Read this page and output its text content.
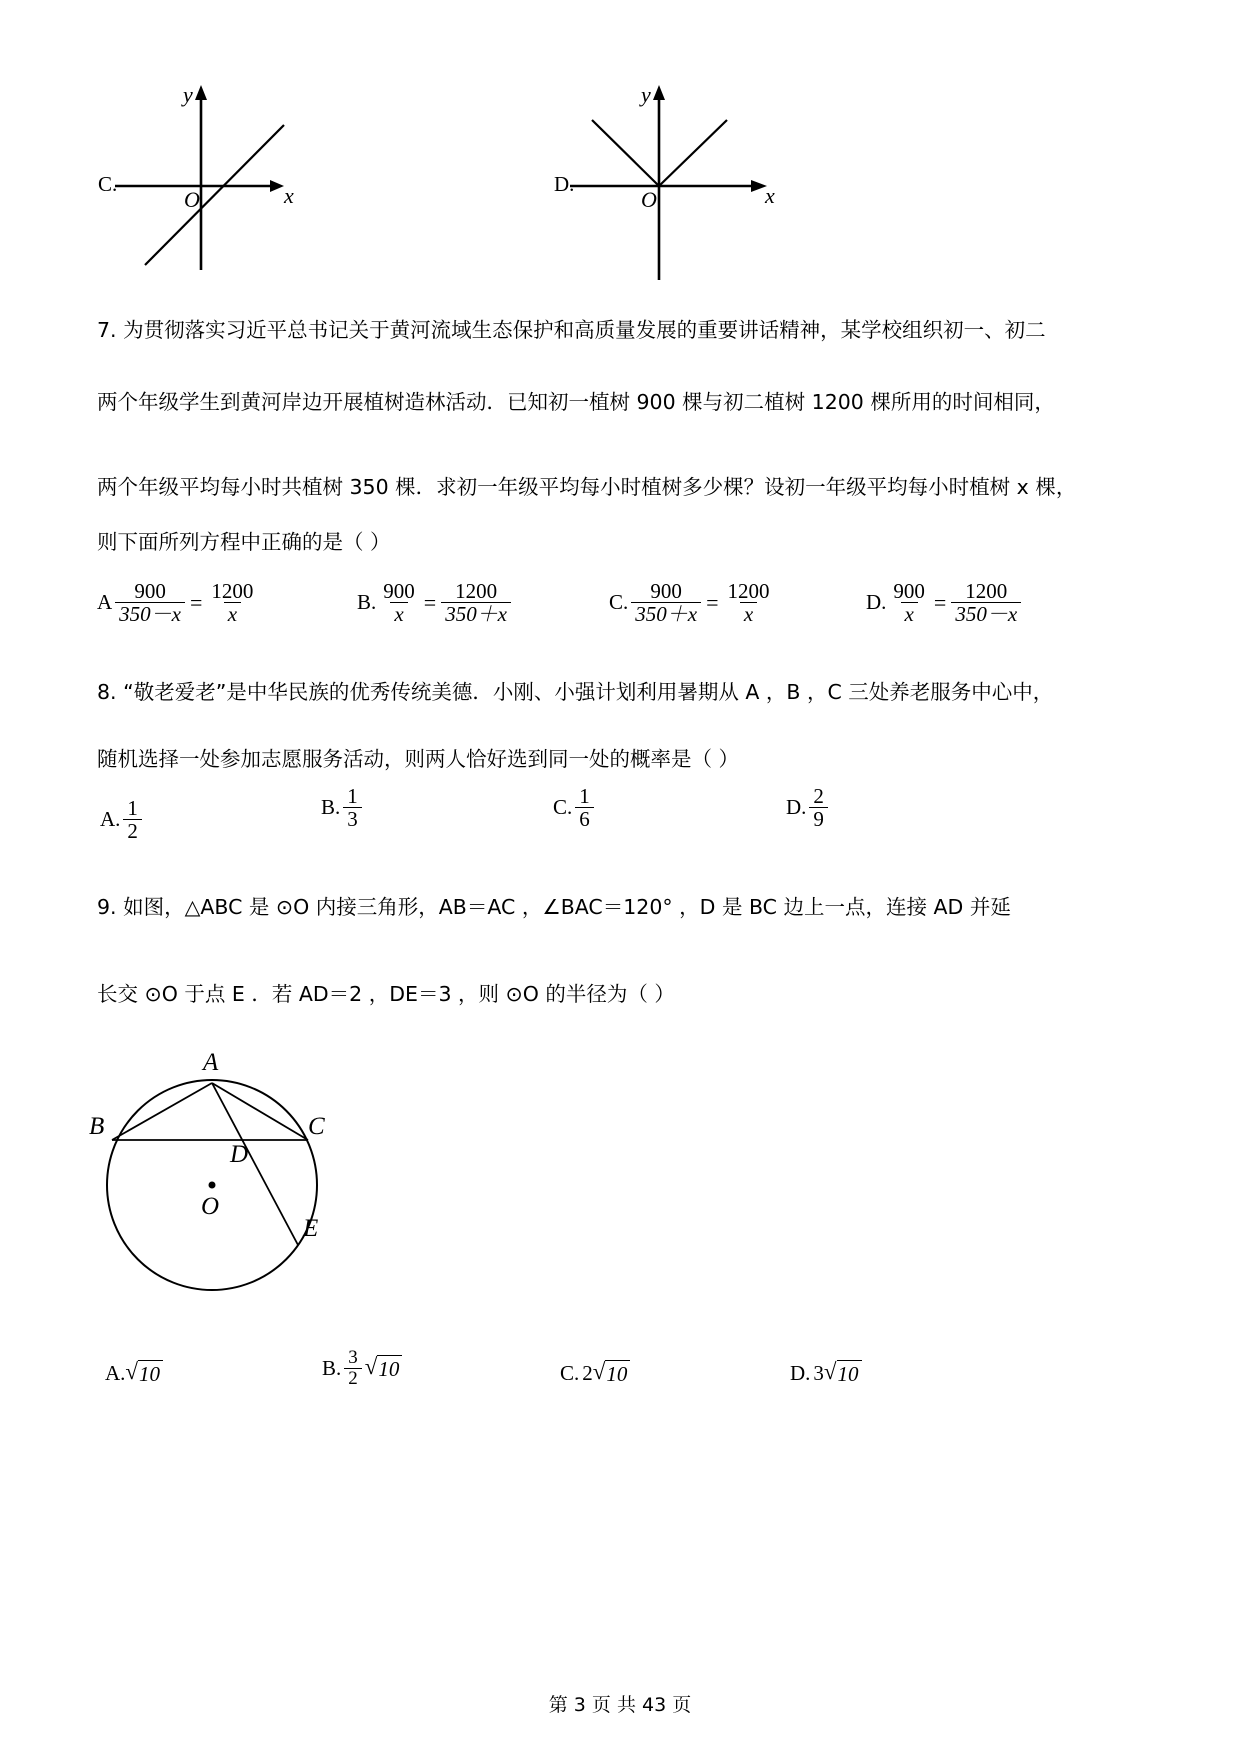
y
x
O
C.
y
x
O
D.
7. 为贯彻落实习近平总书记关于黄河流域生态保护和高质量发展的重要讲话精神，某学校组织初一、初二
两个年级学生到黄河岸边开展植树造林活动．已知初一植树 900 棵与初二植树 1200 棵所用的时间相同，
两个年级平均每小时共植树 350 棵．求初一年级平均每小时植树多少棵？设初一年级平均每小时植树 x 棵，
则下面所列方程中正确的是（ ）
A $\frac{900}{350-x} = \frac{1200}{x}$	B. $\frac{900}{x} = \frac{1200}{350+x}$	C. $\frac{900}{350+x} = \frac{1200}{x}$	D. $\frac{900}{x} = \frac{1200}{350-x}$
8. “敬老爱老”是中华民族的优秀传统美德．小刚、小强计划利用暑期从 A ，B ，C 三处养老服务中心中，
随机选择一处参加志愿服务活动，则两人恰好选到同一处的概率是（ ）
A. $\frac{1}{2}$	B. $\frac{1}{3}$	C. $\frac{1}{6}$	D. $\frac{2}{9}$
9. 如图，△ABC 是 ⊙O 内接三角形，AB＝AC ，∠BAC＝120° ，D 是 BC 边上一点，连接 AD 并延
长交 ⊙O 于点 E ．若 AD＝2 ，DE＝3 ，则 ⊙O 的半径为（ ）
A
B	C
D
O
E
A. √ 10	B. $\frac{3}{2}$ √ 10	C. 2 √ 10	D. 3 √ 10
第 3 页 共 43 页
